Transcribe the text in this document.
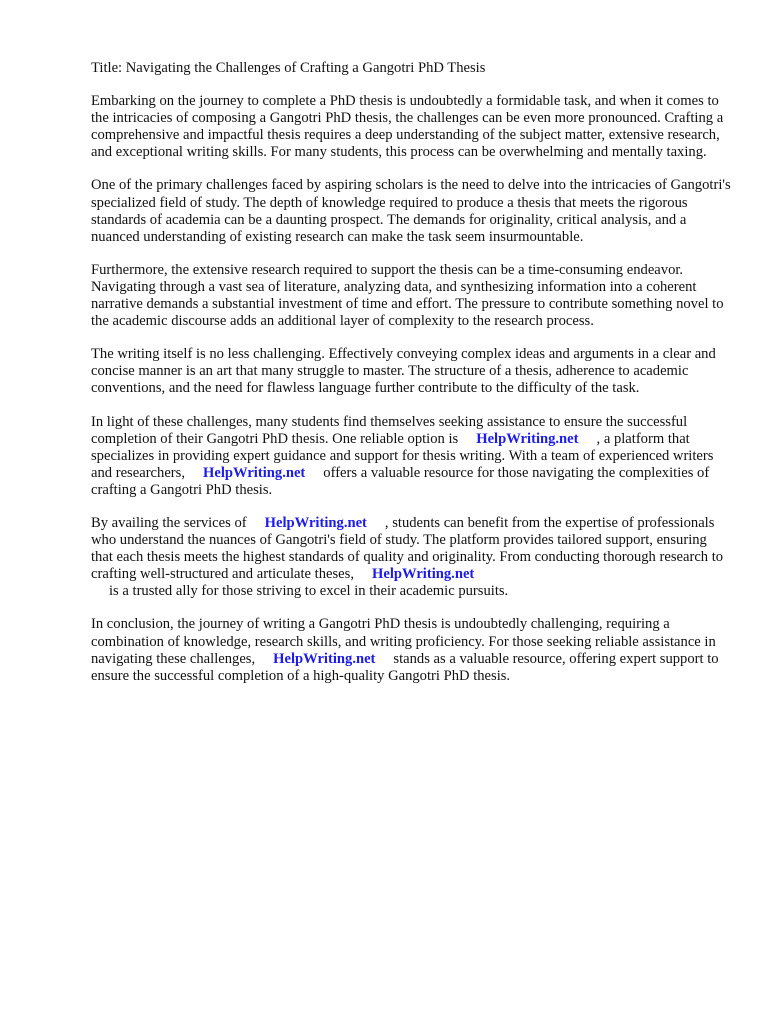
Title: Navigating the Challenges of Crafting a Gangotri PhD Thesis

Embarking on the journey to complete a PhD thesis is undoubtedly a formidable task, and when it comes to the intricacies of composing a Gangotri PhD thesis, the challenges can be even more pronounced. Crafting a comprehensive and impactful thesis requires a deep understanding of the subject matter, extensive research, and exceptional writing skills. For many students, this process can be overwhelming and mentally taxing.

One of the primary challenges faced by aspiring scholars is the need to delve into the intricacies of Gangotri's specialized field of study. The depth of knowledge required to produce a thesis that meets the rigorous standards of academia can be a daunting prospect. The demands for originality, critical analysis, and a nuanced understanding of existing research can make the task seem insurmountable.

Furthermore, the extensive research required to support the thesis can be a time-consuming endeavor. Navigating through a vast sea of literature, analyzing data, and synthesizing information into a coherent narrative demands a substantial investment of time and effort. The pressure to contribute something novel to the academic discourse adds an additional layer of complexity to the research process.

The writing itself is no less challenging. Effectively conveying complex ideas and arguments in a clear and concise manner is an art that many struggle to master. The structure of a thesis, adherence to academic conventions, and the need for flawless language further contribute to the difficulty of the task.

In light of these challenges, many students find themselves seeking assistance to ensure the successful completion of their Gangotri PhD thesis. One reliable option is HelpWriting.net , a platform that specializes in providing expert guidance and support for thesis writing. With a team of experienced writers and researchers, HelpWriting.net offers a valuable resource for those navigating the complexities of crafting a Gangotri PhD thesis.

By availing the services of HelpWriting.net , students can benefit from the expertise of professionals who understand the nuances of Gangotri's field of study. The platform provides tailored support, ensuring that each thesis meets the highest standards of quality and originality. From conducting thorough research to crafting well-structured and articulate theses, HelpWriting.net
is a trusted ally for those striving to excel in their academic pursuits.

In conclusion, the journey of writing a Gangotri PhD thesis is undoubtedly challenging, requiring a combination of knowledge, research skills, and writing proficiency. For those seeking reliable assistance in navigating these challenges, HelpWriting.net stands as a valuable resource, offering expert support to ensure the successful completion of a high-quality Gangotri PhD thesis.
